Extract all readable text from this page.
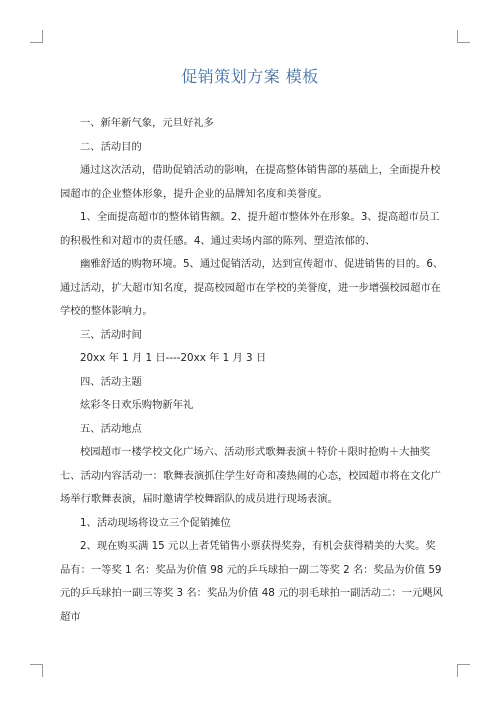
促销策划方案 模板

一、新年新气象，元旦好礼多

二、活动目的

通过这次活动，借助促销活动的影响，在提高整体销售部的基础上，全面提升校园超市的企业整体形象，提升企业的品牌知名度和美誉度。

1、全面提高超市的整体销售额。2、提升超市整体外在形象。3、提高超市员工的积极性和对超市的责任感。4、通过卖场内部的陈列、塑造浓郁的、

幽雅舒适的购物环境。5、通过促销活动，达到宣传超市、促进销售的目的。6、通过活动，扩大超市知名度，提高校园超市在学校的美誉度，进一步增强校园超市在学校的整体影响力。

三、活动时间

20xx 年 1 月 1 日----20xx 年 1 月 3 日

四、活动主题

炫彩冬日欢乐购物新年礼

五、活动地点

校园超市一楼学校文化广场六、活动形式歌舞表演＋特价＋限时抢购＋大抽奖七、活动内容活动一：歌舞表演抓住学生好奇和凑热闹的心态，校园超市将在文化广场举行歌舞表演，届时邀请学校舞蹈队的成员进行现场表演。

1、活动现场将设立三个促销摊位

2、现在购买满 15 元以上者凭销售小票获得奖券，有机会获得精美的大奖。奖品有：一等奖 1 名：奖品为价值 98 元的乒乓球拍一副二等奖 2 名：奖品为价值 59 元的乒乓球拍一副三等奖 3 名：奖品为价值 48 元的羽毛球拍一副活动二：一元飓风超市
